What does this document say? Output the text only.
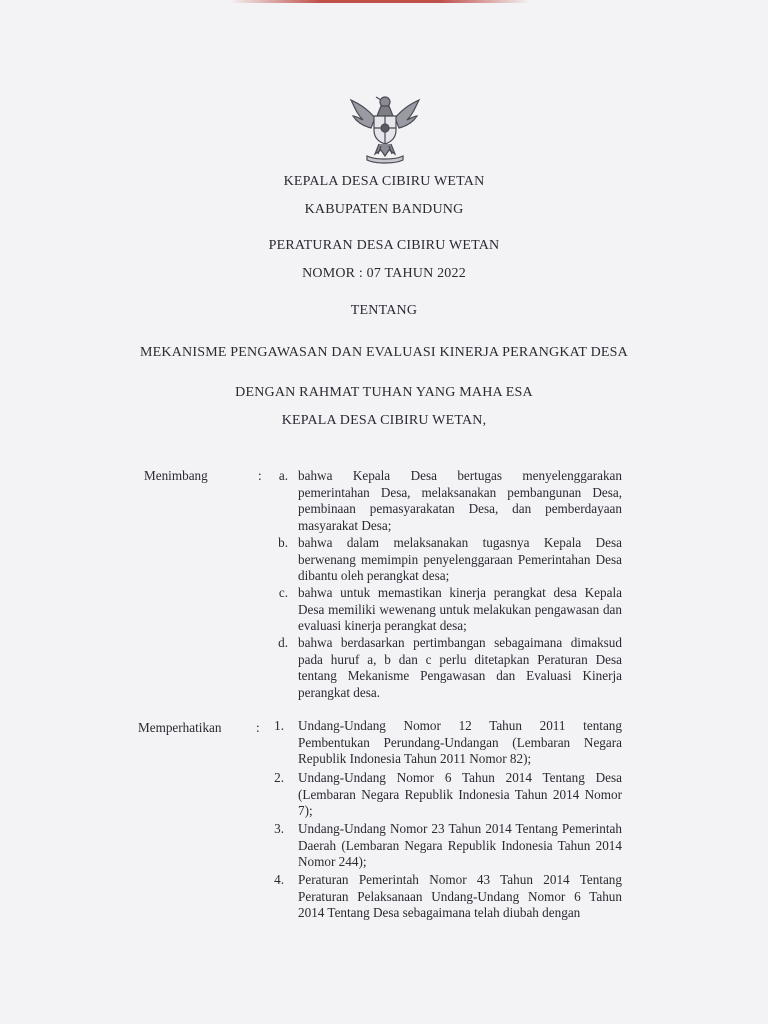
KEPALA DESA CIBIRU WETAN
KABUPATEN BANDUNG
PERATURAN DESA CIBIRU WETAN
NOMOR : 07 TAHUN 2022
TENTANG
MEKANISME PENGAWASAN DAN EVALUASI KINERJA PERANGKAT DESA
DENGAN RAHMAT TUHAN YANG MAHA ESA
KEPALA DESA CIBIRU WETAN,
Menimbang	:	a. bahwa Kepala Desa bertugas menyelenggarakan pemerintahan Desa, melaksanakan pembangunan Desa, pembinaan pemasyarakatan Desa, dan pemberdayaan masyarakat Desa;
b. bahwa dalam melaksanakan tugasnya Kepala Desa berwenang memimpin penyelenggaraan Pemerintahan Desa dibantu oleh perangkat desa;
c. bahwa untuk memastikan kinerja perangkat desa Kepala Desa memiliki wewenang untuk melakukan pengawasan dan evaluasi kinerja perangkat desa;
d. bahwa berdasarkan pertimbangan sebagaimana dimaksud pada huruf a, b dan c perlu ditetapkan Peraturan Desa tentang Mekanisme Pengawasan dan Evaluasi Kinerja perangkat desa.
Memperhatikan	:	1. Undang-Undang Nomor 12 Tahun 2011 tentang Pembentukan Perundang-Undangan (Lembaran Negara Republik Indonesia Tahun 2011 Nomor 82);
2. Undang-Undang Nomor 6 Tahun 2014 Tentang Desa (Lembaran Negara Republik Indonesia Tahun 2014 Nomor 7);
3. Undang-Undang Nomor 23 Tahun 2014 Tentang Pemerintah Daerah (Lembaran Negara Republik Indonesia Tahun 2014 Nomor 244);
4. Peraturan Pemerintah Nomor 43 Tahun 2014 Tentang Peraturan Pelaksanaan Undang-Undang Nomor 6 Tahun 2014 Tentang Desa sebagaimana telah diubah dengan
